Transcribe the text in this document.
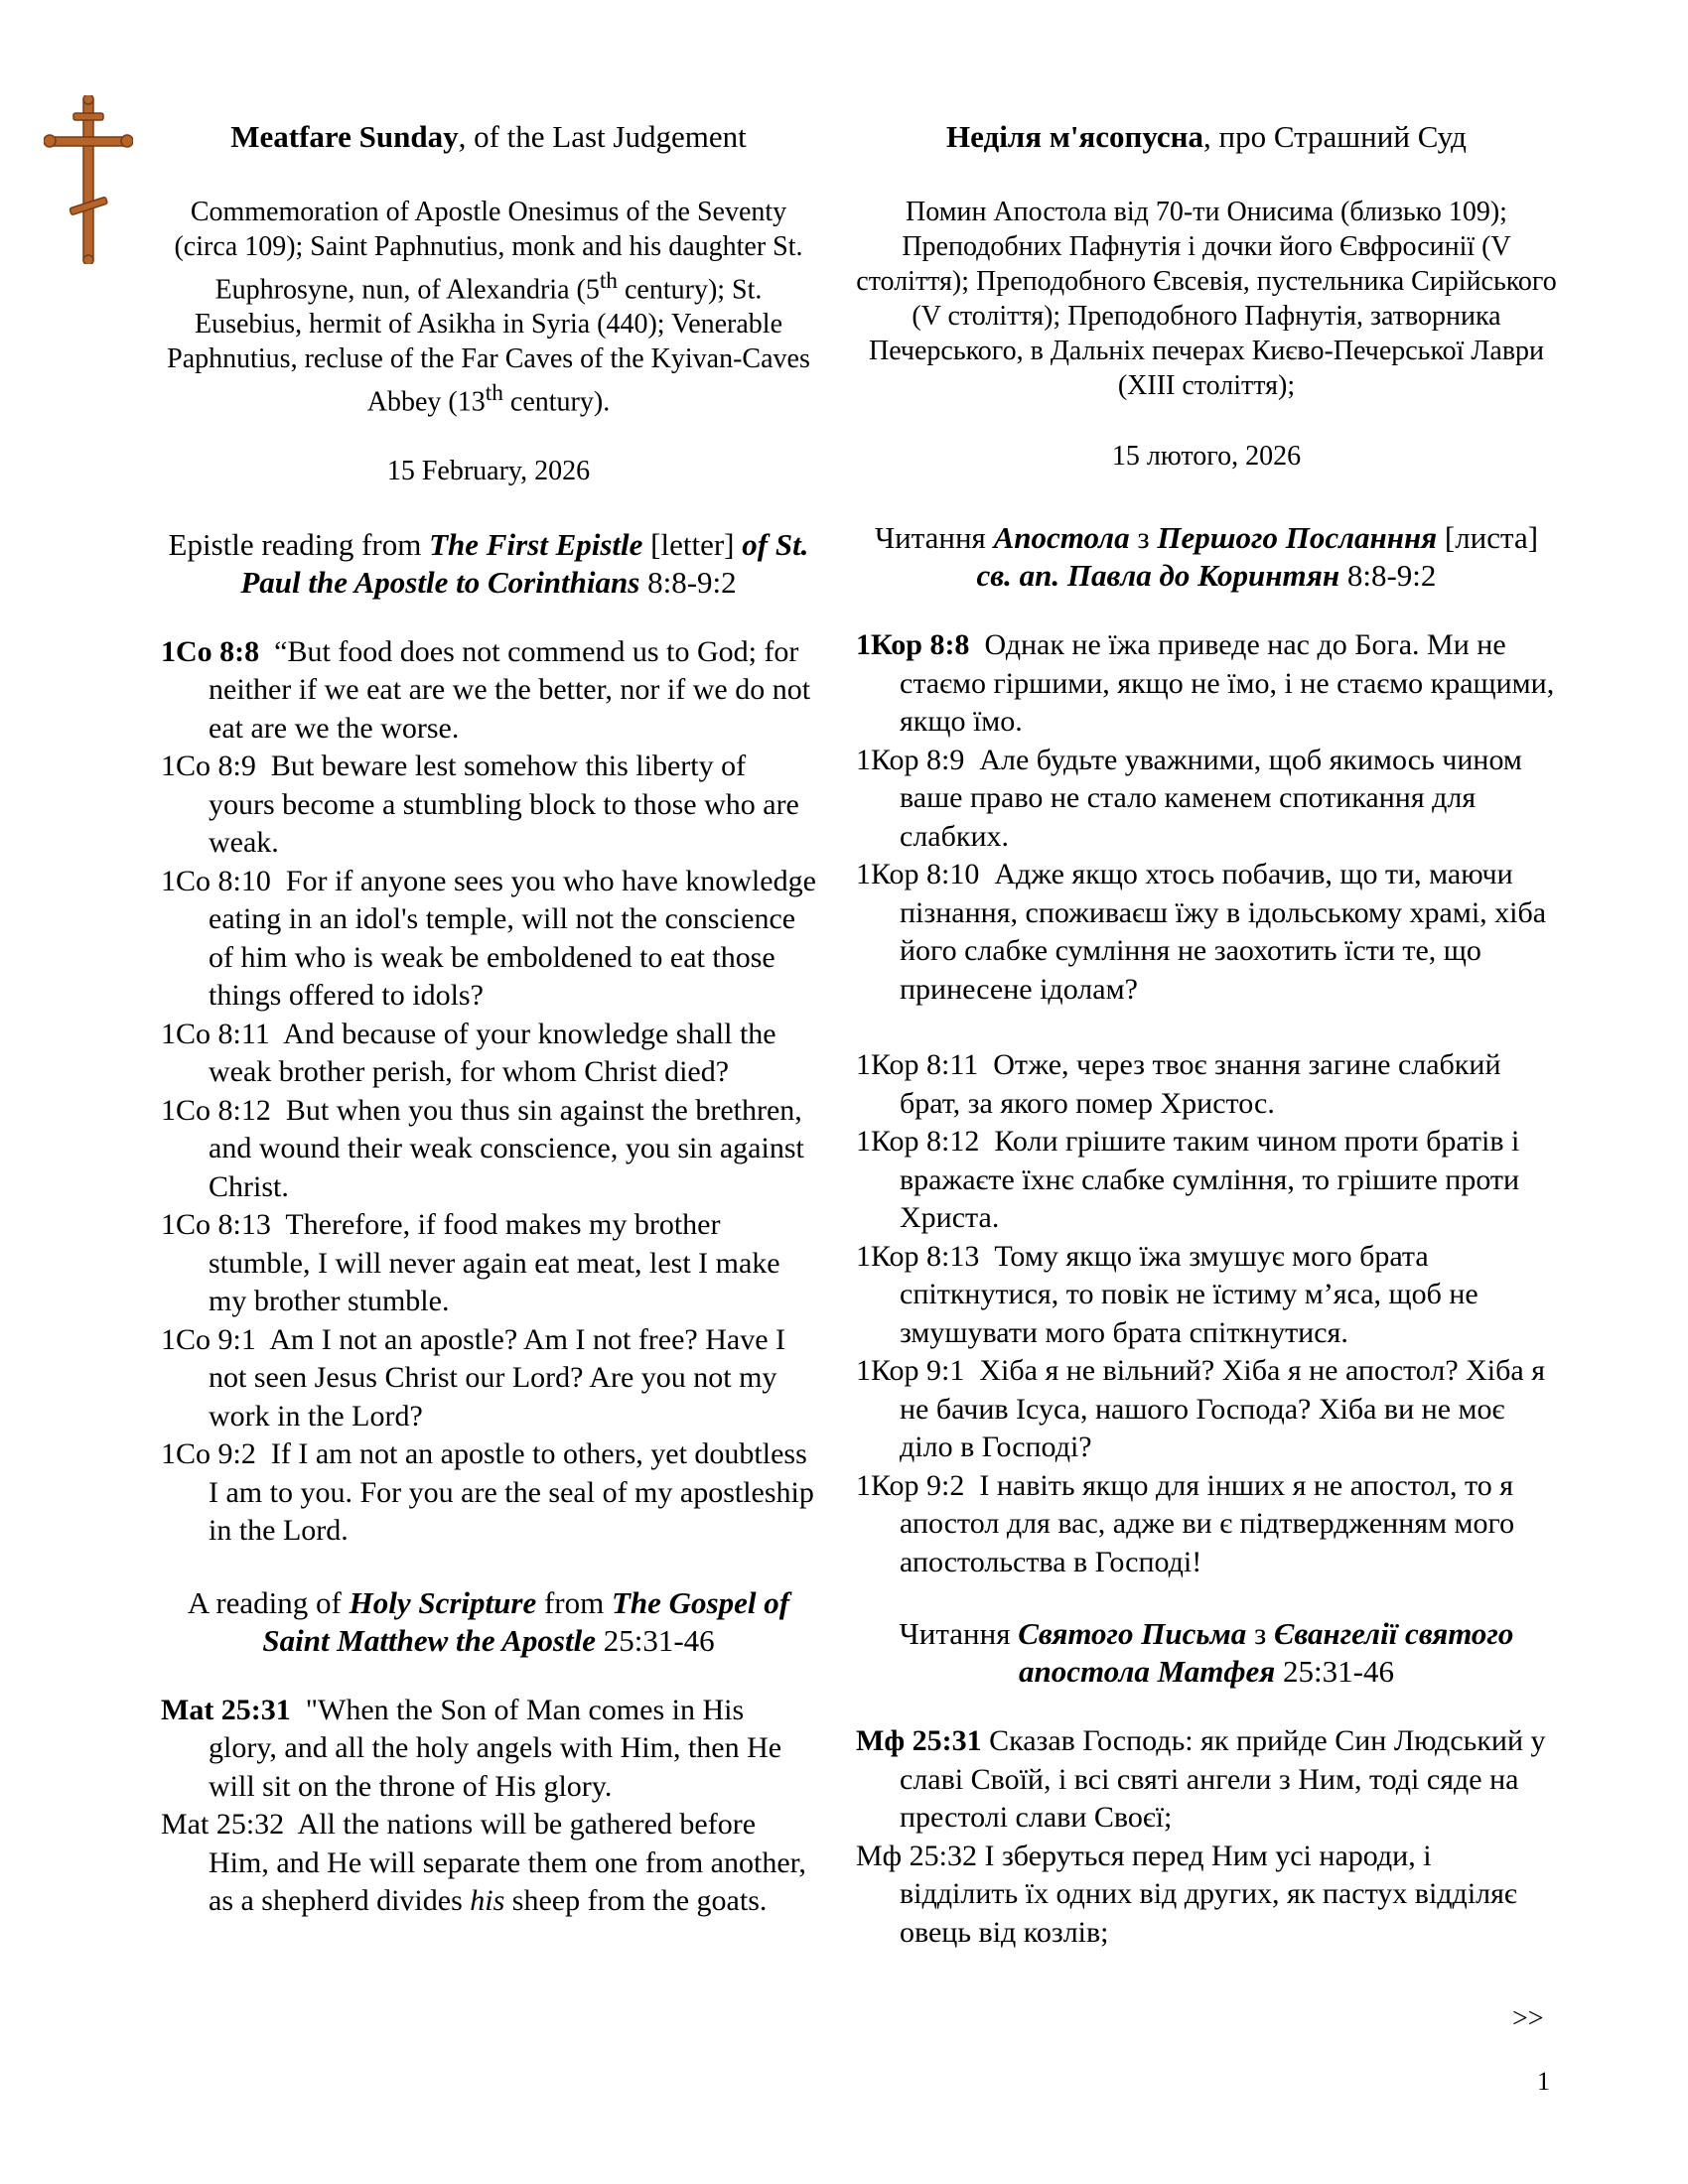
Meatfare Sunday, of the Last Judgement

Commemoration of Apostle Onesimus of the Seventy (circa 109); Saint Paphnutius, monk and his daughter St. Euphrosyne, nun, of Alexandria (5th century); St. Eusebius, hermit of Asikha in Syria (440); Venerable Paphnutius, recluse of the Far Caves of the Kyivan-Caves Abbey (13th century).

15 February, 2026
Epistle reading from The First Epistle [letter] of St. Paul the Apostle to Corinthians 8:8-9:2
1Co 8:8 “But food does not commend us to God; for neither if we eat are we the better, nor if we do not eat are we the worse.
1Co 8:9 But beware lest somehow this liberty of yours become a stumbling block to those who are weak.
1Co 8:10 For if anyone sees you who have knowledge eating in an idol's temple, will not the conscience of him who is weak be emboldened to eat those things offered to idols?
1Co 8:11 And because of your knowledge shall the weak brother perish, for whom Christ died?
1Co 8:12 But when you thus sin against the brethren, and wound their weak conscience, you sin against Christ.
1Co 8:13 Therefore, if food makes my brother stumble, I will never again eat meat, lest I make my brother stumble.
1Co 9:1 Am I not an apostle? Am I not free? Have I not seen Jesus Christ our Lord? Are you not my work in the Lord?
1Co 9:2 If I am not an apostle to others, yet doubtless I am to you. For you are the seal of my apostleship in the Lord.
A reading of Holy Scripture from The Gospel of Saint Matthew the Apostle 25:31-46
Mat 25:31 "When the Son of Man comes in His glory, and all the holy angels with Him, then He will sit on the throne of His glory.
Mat 25:32 All the nations will be gathered before Him, and He will separate them one from another, as a shepherd divides his sheep from the goats.
Неділя м'ясопусна, про Страшний Суд

Помин Апостола від 70-ти Онисима (близько 109); Преподобних Пафнутія і дочки його Євфросинії (V століття); Преподобного Євсевія, пустельника Сирійського (V століття); Преподобного Пафнутія, затворника Печерського, в Дальніх печерах Києво-Печерської Лаври (XIII століття);

15 лютого, 2026
Читання Апостола з Першого Посланння [листа] св. ап. Павла до Коринтян 8:8-9:2
1Кор 8:8 Однак не їжа приведе нас до Бога. Ми не стаємо гіршими, якщо не їмо, і не стаємо кращими, якщо їмо.
1Кор 8:9 Але будьте уважними, щоб якимось чином ваше право не стало каменем спотикання для слабких.
1Кор 8:10 Адже якщо хтось побачив, що ти, маючи пізнання, споживаєш їжу в ідольському храмі, хіба його слабке сумління не заохотить їсти те, що принесене ідолам?
1Кор 8:11 Отже, через твоє знання загине слабкий брат, за якого помер Христос.
1Кор 8:12 Коли грішите таким чином проти братів і вражаєте їхнє слабке сумління, то грішите проти Христа.
1Кор 8:13 Тому якщо їжа змушує мого брата спіткнутися, то повік не їстиму м’яса, щоб не змушувати мого брата спіткнутися.
1Кор 9:1 Хіба я не вільний? Хіба я не апостол? Хіба я не бачив Ісуса, нашого Господа? Хіба ви не моє діло в Господі?
1Кор 9:2 І навіть якщо для інших я не апостол, то я апостол для вас, адже ви є підтвердженням мого апостольства в Господі!
Читання Святого Письма з Євангелії святого апостола Матфея 25:31-46
Мф 25:31 Сказав Господь: як прийде Син Людський у славі Своїй, і всі святі ангели з Ним, тоді сяде на престолі слави Своєї;
Мф 25:32 І зберуться перед Ним усі народи, і відділить їх одних від других, як пастух відділяє овець від козлів;
>>
1
